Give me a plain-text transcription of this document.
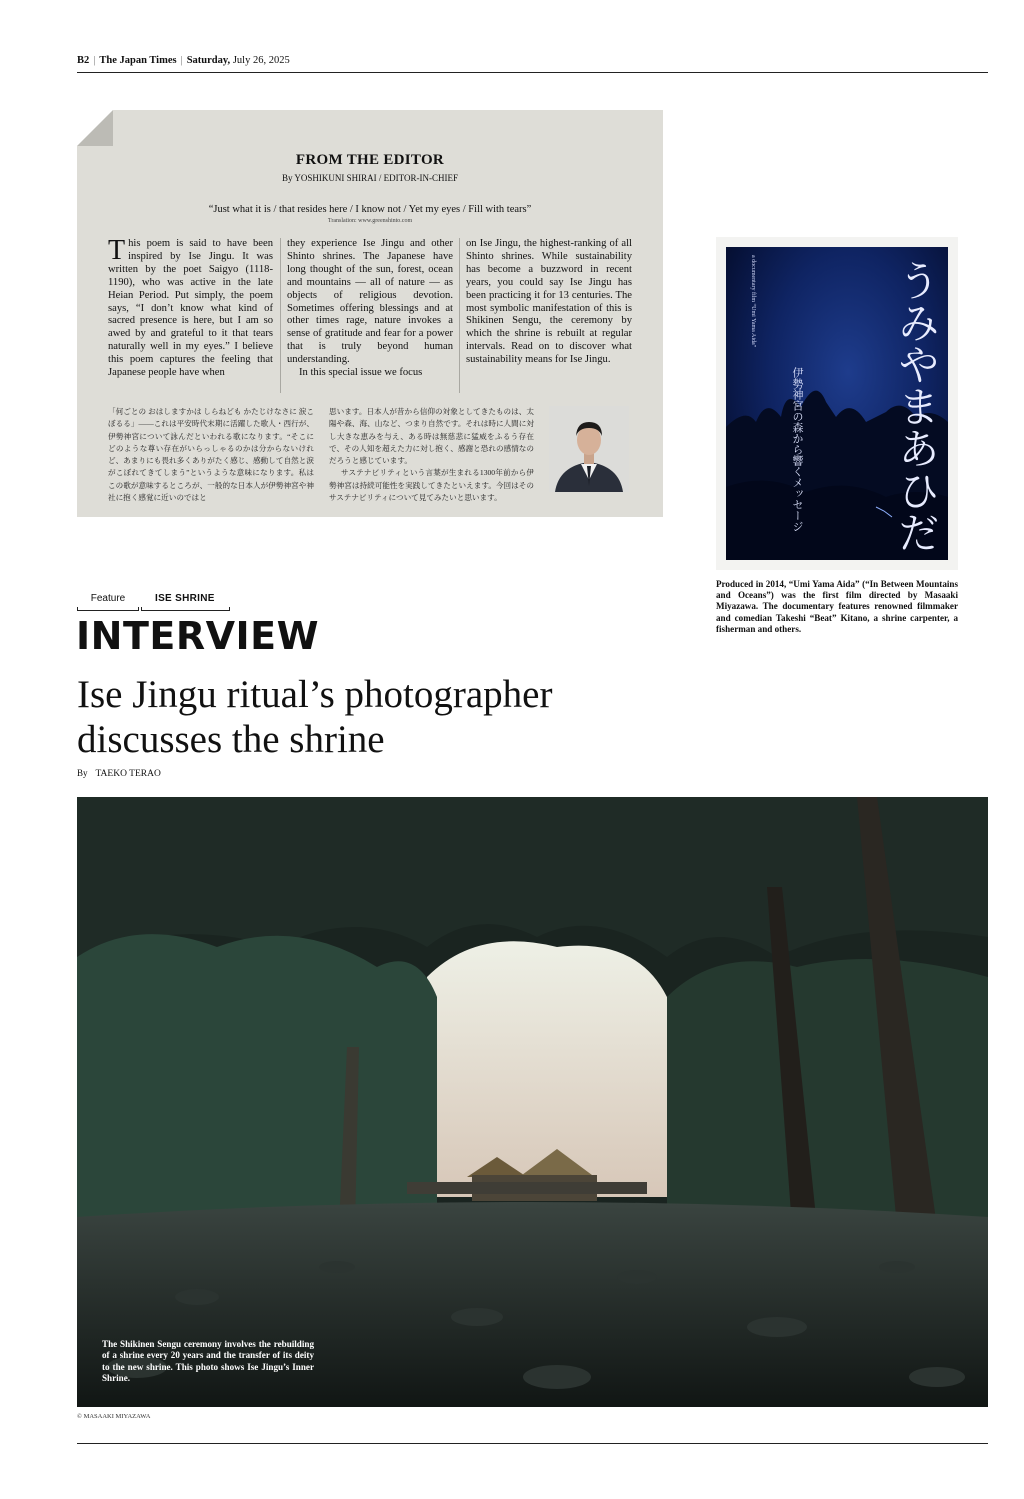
B2 | The Japan Times | Saturday, July 26, 2025
FROM THE EDITOR
By YOSHIKUNI SHIRAI / EDITOR-IN-CHIEF
“Just what it is / that resides here / I know not / Yet my eyes / Fill with tears”
Translation: www.greenshinto.com
This poem is said to have been inspired by Ise Jingu. It was written by the poet Saigyo (1118-1190), who was active in the late Heian Period. Put simply, the poem says, “I don’t know what kind of sacred presence is here, but I am so awed by and grateful to it that tears naturally well in my eyes.” I believe this poem captures the feeling that Japanese people have when

they experience Ise Jingu and other Shinto shrines. The Japanese have long thought of the sun, forest, ocean and mountains — all of nature — as objects of religious devotion. Sometimes offering blessings and at other times rage, nature invokes a sense of gratitude and fear for a power that is truly beyond human understanding.

In this special issue we focus

on Ise Jingu, the highest-ranking of all Shinto shrines. While sustainability has become a buzzword in recent years, you could say Ise Jingu has been practicing it for 13 centuries. The most symbolic manifestation of this is Shikinen Sengu, the ceremony by which the shrine is rebuilt at regular intervals. Read on to discover what sustainability means for Ise Jingu.
「何ごとの おはしますかは しらねども かたじけなさに 涙こぼるる」——これは平安時代末期に活躍した歌人・西行が、伊勢神宮について詠んだといわれる歌になります。“そこにどのような尊い存在がいらっしゃるのかは分からないけれど、あまりにも畏れ多くありがたく感じ、感動して自然と涙がこぼれてきてしまう”というような意味になります。私はこの歌が意味するところが、一般的な日本人が伊勢神宮や神社に抱く感覚に近いのではと

思います。日本人が昔から信仰の対象としてきたものは、太陽や森、海、山など、つまり自然です。それは時に人間に対し大きな恵みを与え、ある時は無慈悲に猛威をふるう存在で、その人知を超えた力に対し抱く、感謝と恐れの感情なのだろうと感じています。

サステナビリティという言葉が生まれる1300年前から伊勢神宮は持続可能性を実践してきたといえます。今回はそのサステナビリティについて見てみたいと思います。

a documentary film “Umi Yama Aida”	うみやまあひだ
伊勢神宮の森から響くメッセージ
Produced in 2014, “Umi Yama Aida” (“In Between Mountains and Oceans”) was the first film directed by Masaaki Miyazawa. The documentary features renowned filmmaker and comedian Takeshi “Beat” Kitano, a shrine carpenter, a fisherman and others.
Feature	ISE SHRINE
INTERVIEW
Ise Jingu ritual’s photographer discusses the shrine
By TAEKO TERAO
The Shikinen Sengu ceremony involves the rebuilding of a shrine every 20 years and the transfer of its deity to the new shrine. This photo shows Ise Jingu’s Inner Shrine.
© MASAAKI MIYAZAWA
